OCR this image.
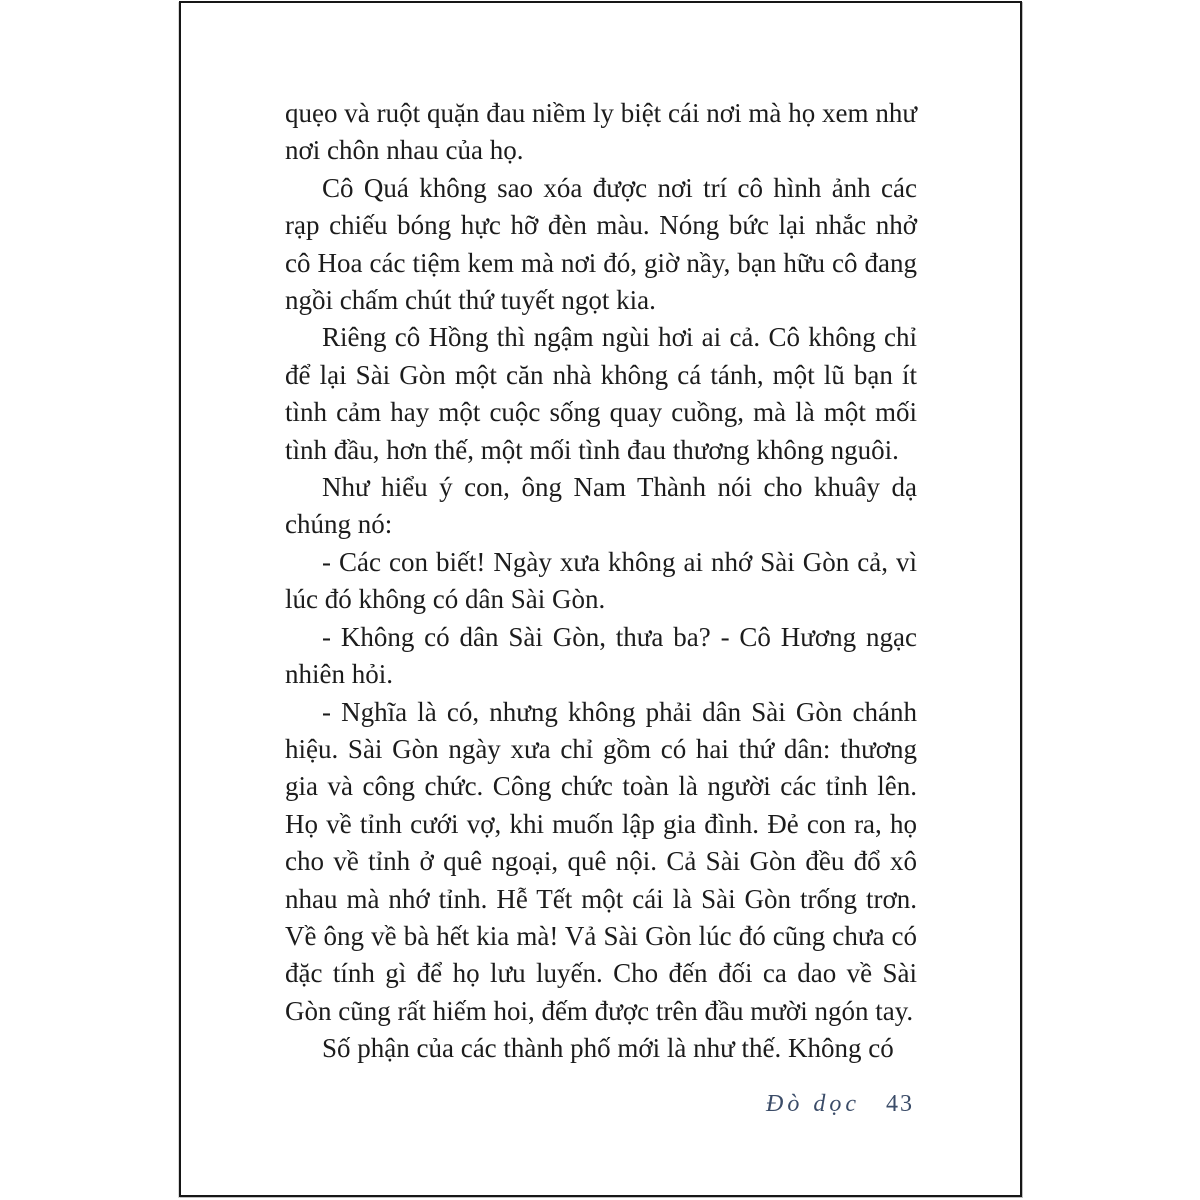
quẹo và ruột quặn đau niềm ly biệt cái nơi mà họ xem như nơi chôn nhau của họ.

Cô Quá không sao xóa được nơi trí cô hình ảnh các rạp chiếu bóng hực hỡ đèn màu. Nóng bức lại nhắc nhở cô Hoa các tiệm kem mà nơi đó, giờ nầy, bạn hữu cô đang ngồi chấm chút thứ tuyết ngọt kia.

Riêng cô Hồng thì ngậm ngùi hơi ai cả. Cô không chỉ để lại Sài Gòn một căn nhà không cá tánh, một lũ bạn ít tình cảm hay một cuộc sống quay cuồng, mà là một mối tình đầu, hơn thế, một mối tình đau thương không nguôi.

Như hiểu ý con, ông Nam Thành nói cho khuây dạ chúng nó:

- Các con biết! Ngày xưa không ai nhớ Sài Gòn cả, vì lúc đó không có dân Sài Gòn.

- Không có dân Sài Gòn, thưa ba? - Cô Hương ngạc nhiên hỏi.

- Nghĩa là có, nhưng không phải dân Sài Gòn chánh hiệu. Sài Gòn ngày xưa chỉ gồm có hai thứ dân: thương gia và công chức. Công chức toàn là người các tỉnh lên. Họ về tỉnh cưới vợ, khi muốn lập gia đình. Đẻ con ra, họ cho về tỉnh ở quê ngoại, quê nội. Cả Sài Gòn đều đổ xô nhau mà nhớ tỉnh. Hễ Tết một cái là Sài Gòn trống trơn. Về ông về bà hết kia mà! Vả Sài Gòn lúc đó cũng chưa có đặc tính gì để họ lưu luyến. Cho đến đối ca dao về Sài Gòn cũng rất hiếm hoi, đếm được trên đầu mười ngón tay.

Số phận của các thành phố mới là như thế. Không có

Đò dọc 43
